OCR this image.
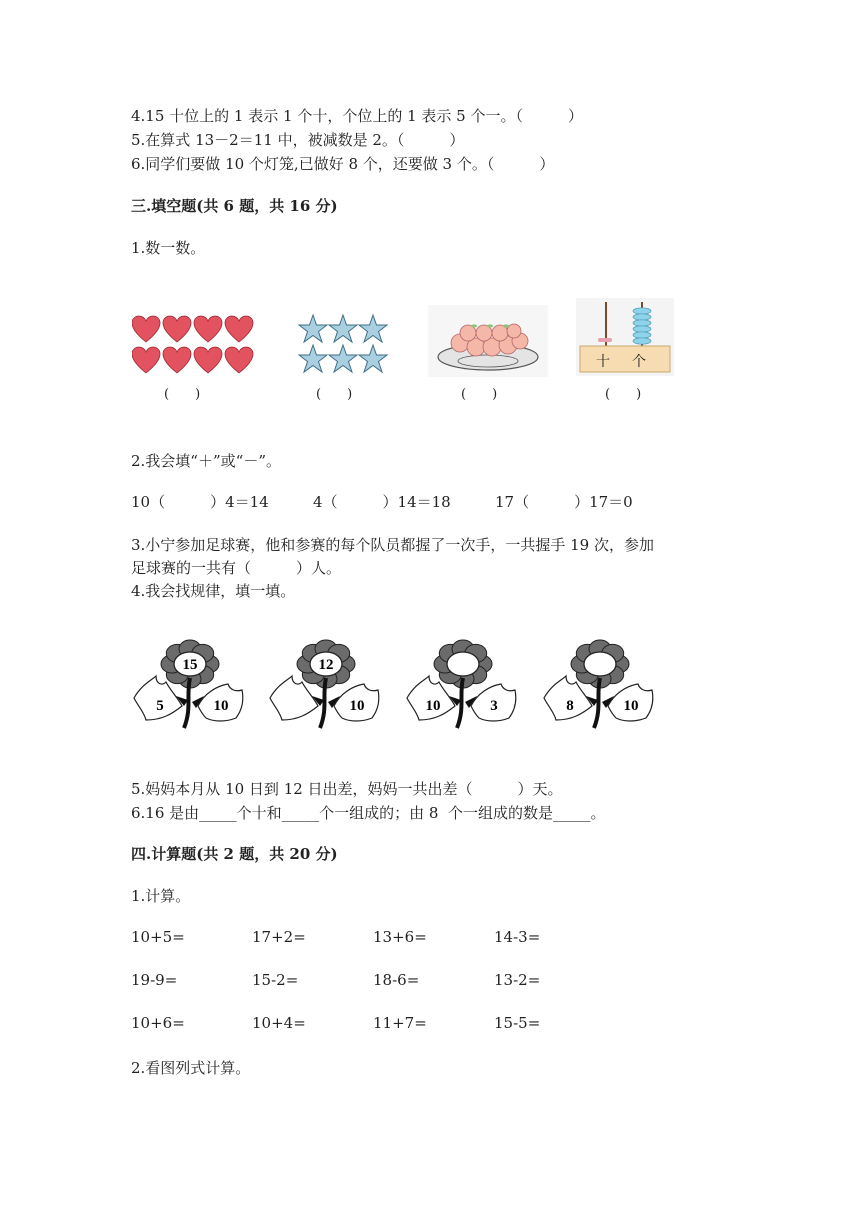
4.15 十位上的 1 表示 1 个十，个位上的 1 表示 5 个一。（　　　）
5.在算式 13－2＝11 中，被减数是 2。（　　　）
6.同学们要做 10 个灯笼,已做好 8 个，还要做 3 个。（　　　）
三.填空题(共 6 题，共 16 分)
1.数一数。
十 个
(　　)	(　　)	(　　)	(　　)
2.我会填“＋”或“－”。
10（　　　）4＝14	4（　　　）14＝18	17（　　　）17＝0
3.小宁参加足球赛，他和参赛的每个队员都握了一次手，一共握手 19 次，参加
足球赛的一共有（　　　）人。
4.我会找规律，填一填。
15
5	10
12
10	10	3	8	10
5.妈妈本月从 10 日到 12 日出差，妈妈一共出差（　　　）天。
6.16 是由_____个十和_____个一组成的；由 8  个一组成的数是_____。
四.计算题(共 2 题，共 20 分)
1.计算。
10+5=	17+2=	13+6=	14-3=
19-9=	15-2=	18-6=	13-2=
10+6=	10+4=	11+7=	15-5=
2.看图列式计算。
